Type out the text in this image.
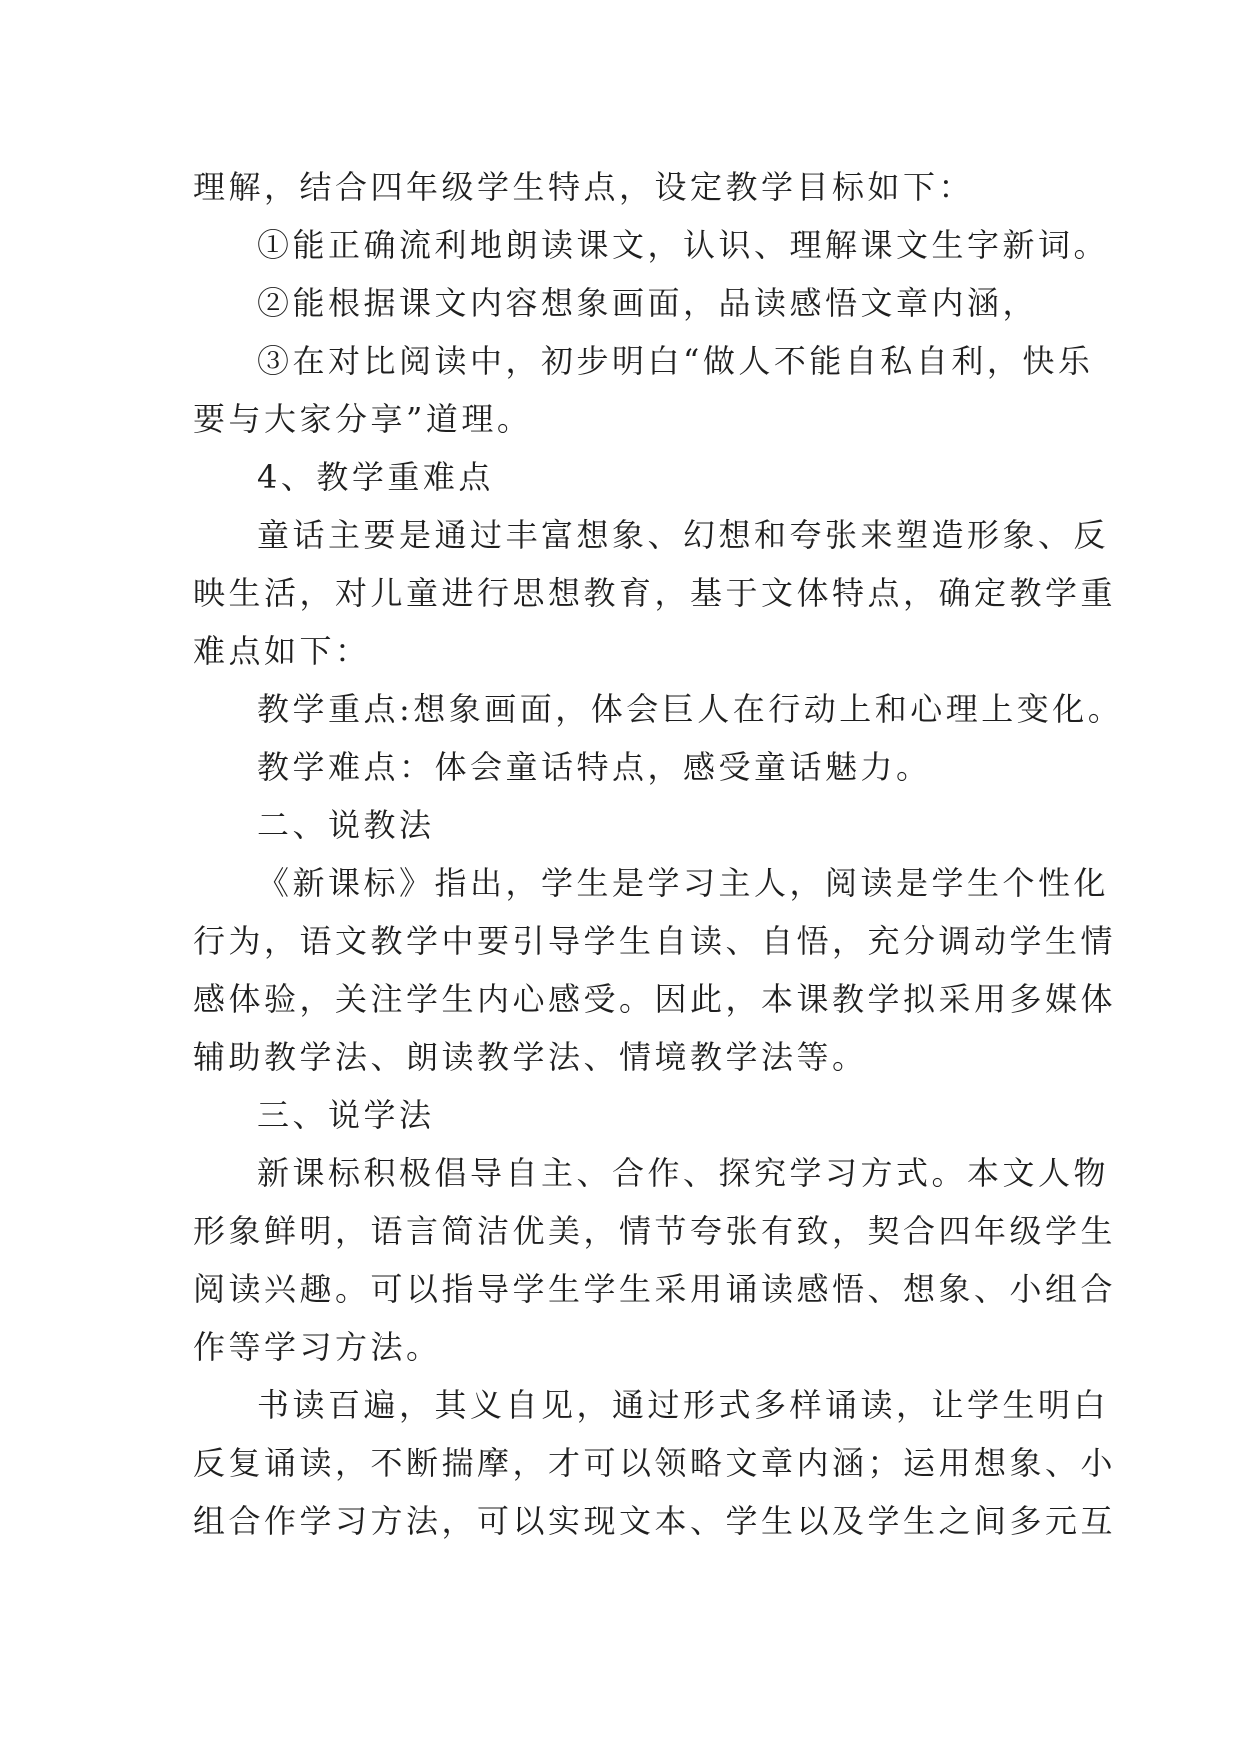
理解，结合四年级学生特点，设定教学目标如下：
①能正确流利地朗读课文，认识、理解课文生字新词。
②能根据课文内容想象画面，品读感悟文章内涵，
③在对比阅读中，初步明白“做人不能自私自利，快乐
要与大家分享”道理。
4、教学重难点
童话主要是通过丰富想象、幻想和夸张来塑造形象、反
映生活，对儿童进行思想教育，基于文体特点，确定教学重
难点如下：
教学重点:想象画面，体会巨人在行动上和心理上变化。
教学难点：体会童话特点，感受童话魅力。
二、说教法
《新课标》指出，学生是学习主人，阅读是学生个性化
行为，语文教学中要引导学生自读、自悟，充分调动学生情
感体验，关注学生内心感受。因此，本课教学拟采用多媒体
辅助教学法、朗读教学法、情境教学法等。
三、说学法
新课标积极倡导自主、合作、探究学习方式。本文人物
形象鲜明，语言简洁优美，情节夸张有致，契合四年级学生
阅读兴趣。可以指导学生学生采用诵读感悟、想象、小组合
作等学习方法。
书读百遍，其义自见，通过形式多样诵读，让学生明白
反复诵读，不断揣摩，才可以领略文章内涵；运用想象、小
组合作学习方法，可以实现文本、学生以及学生之间多元互
